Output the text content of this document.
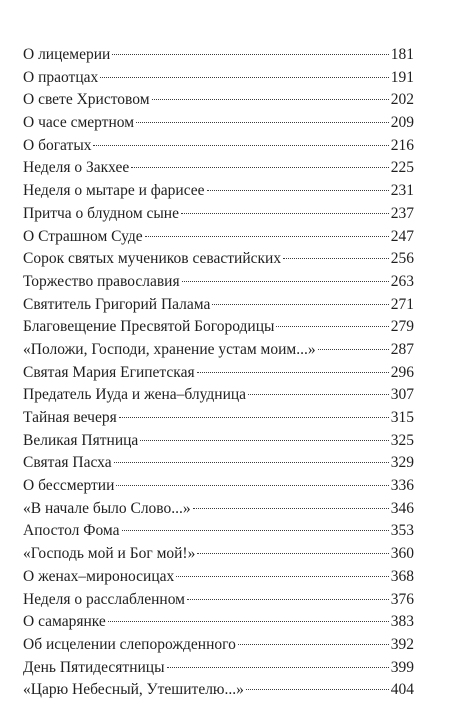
О лицемерии	181
О праотцах	191
О свете Христовом	202
О часе смертном	209
О богатых	216
Неделя о Закхее	225
Неделя о мытаре и фарисее	231
Притча о блудном сыне	237
О Страшном Суде	247
Сорок святых мучеников севастийских	256
Торжество православия	263
Святитель Григорий Палама	271
Благовещение Пресвятой Богородицы	279
«Положи, Господи, хранение устам моим...»	287
Святая Мария Египетская	296
Предатель Иуда и жена–блудница	307
Тайная вечеря	315
Великая Пятница	325
Святая Пасха	329
О бессмертии	336
«В начале было Слово...»	346
Апостол Фома	353
«Господь мой и Бог мой!»	360
О женах–мироносицах	368
Неделя о расслабленном	376
О самарянке	383
Об исцелении слепорожденного	392
День Пятидесятницы	399
«Царю Небесный, Утешителю...»	404
